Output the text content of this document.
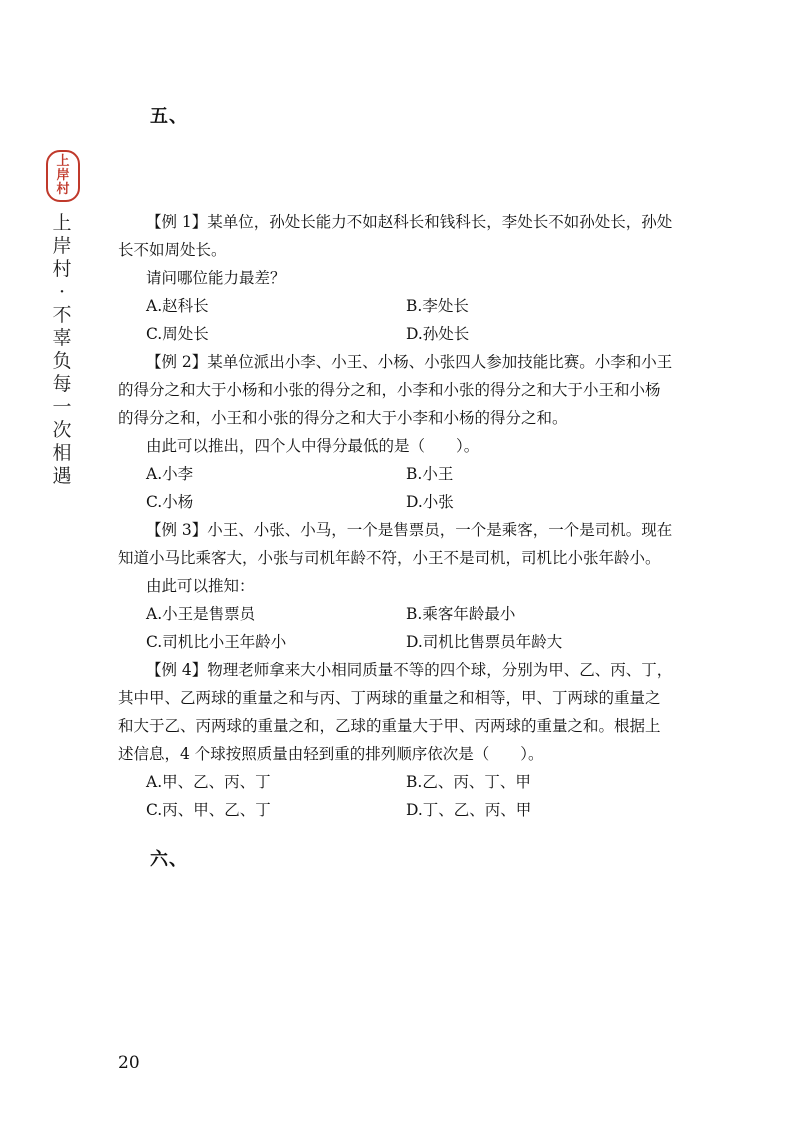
五、
上
岸
村
上
岸
村
·
不
辜
负
每
一
次
相
遇

【例 1】某单位，孙处长能力不如赵科长和钱科长，李处长不如孙处长，孙处

长不如周处长。

请问哪位能力最差？

A.赵科长	B.李处长
C.周处长	D.孙处长

【例 2】某单位派出小李、小王、小杨、小张四人参加技能比赛。小李和小王

的得分之和大于小杨和小张的得分之和，小李和小张的得分之和大于小王和小杨

的得分之和，小王和小张的得分之和大于小李和小杨的得分之和。

由此可以推出，四个人中得分最低的是（　　）。

A.小李	B.小王
C.小杨	D.小张

【例 3】小王、小张、小马，一个是售票员，一个是乘客，一个是司机。现在

知道小马比乘客大，小张与司机年龄不符，小王不是司机，司机比小张年龄小。

由此可以推知：

A.小王是售票员	B.乘客年龄最小
C.司机比小王年龄小	D.司机比售票员年龄大

【例 4】物理老师拿来大小相同质量不等的四个球，分别为甲、乙、丙、丁，

其中甲、乙两球的重量之和与丙、丁两球的重量之和相等，甲、丁两球的重量之

和大于乙、丙两球的重量之和，乙球的重量大于甲、丙两球的重量之和。根据上

述信息，4 个球按照质量由轻到重的排列顺序依次是（　　）。

A.甲、乙、丙、丁	B.乙、丙、丁、甲
C.丙、甲、乙、丁	D.丁、乙、丙、甲
六、
20
